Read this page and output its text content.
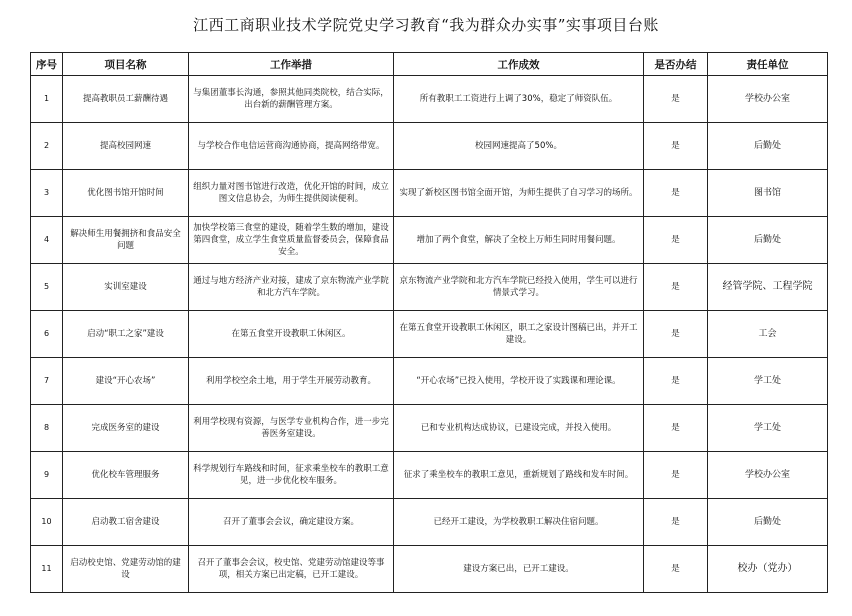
江西工商职业技术学院党史学习教育“我为群众办实事”实事项目台账
序号	项目名称	工作举措	工作成效	是否办结	责任单位
1	提高教职员工薪酬待遇	与集团董事长沟通，参照其他同类院校，结合实际，出台新的薪酬管理方案。	所有教职工工资进行上调了30%，稳定了师资队伍。	是	学校办公室
2	提高校园网速	与学校合作电信运营商沟通协商，提高网络带宽。	校园网速提高了50%。	是	后勤处
3	优化图书馆开馆时间	组织力量对图书馆进行改造，优化开馆的时间，成立图文信息协会，为师生提供阅读便利。	实现了新校区图书馆全面开馆，为师生提供了自习学习的场所。	是	图书馆
4	解决师生用餐拥挤和食品安全问题	加快学校第三食堂的建设，随着学生数的增加，建设第四食堂，成立学生食堂质量监督委员会，保障食品安全。	增加了两个食堂，解决了全校上万师生同时用餐问题。	是	后勤处
5	实训室建设	通过与地方经济产业对接，建成了京东物流产业学院和北方汽车学院。	京东物流产业学院和北方汽车学院已经投入使用，学生可以进行情景式学习。	是	经管学院、工程学院
6	启动“职工之家”建设	在第五食堂开设教职工休闲区。	在第五食堂开设教职工休闲区，职工之家设计图稿已出，并开工建设。	是	工会
7	建设“开心农场”	利用学校空余土地，用于学生开展劳动教育。	“开心农场”已投入使用，学校开设了实践课和理论课。	是	学工处
8	完成医务室的建设	利用学校现有资源，与医学专业机构合作，进一步完善医务室建设。	已和专业机构达成协议，已建设完成，并投入使用。	是	学工处
9	优化校车管理服务	科学规划行车路线和时间，征求乘坐校车的教职工意见，进一步优化校车服务。	征求了乘坐校车的教职工意见，重新规划了路线和发车时间。	是	学校办公室
10	启动教工宿舍建设	召开了董事会会议，确定建设方案。	已经开工建设，为学校教职工解决住宿问题。	是	后勤处
11	启动校史馆、党建劳动馆的建设	召开了董事会会议，校史馆、党建劳动馆建设等事项，相关方案已出定稿，已开工建设。	建设方案已出，已开工建设。	是	校办（党办）
